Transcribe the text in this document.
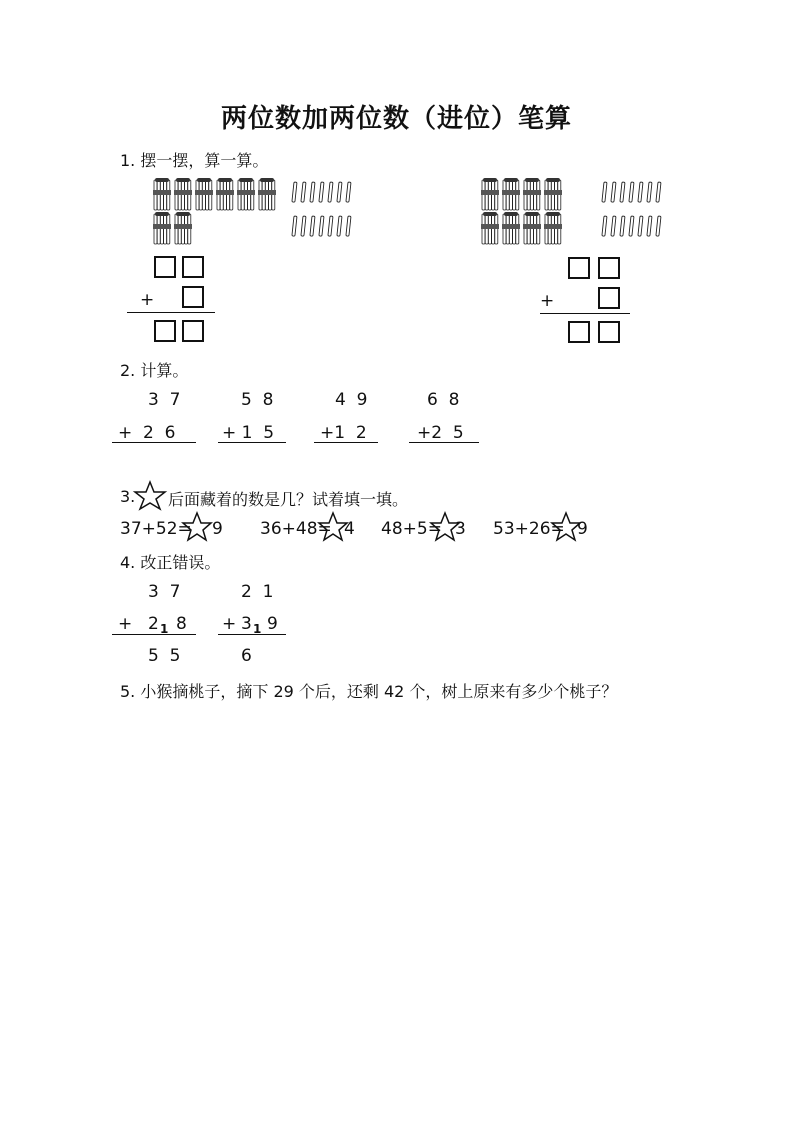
两位数加两位数（进位）笔算
1. 摆一摆，算一算。
+	+
2. 计算。
3  7
+  2  6
5  8
+ 1  5
4  9
+1  2
6  8
+2  5
3. 后面藏着的数是几？试着填一填。
37+52= 9 36+48= 4 48+5= 3 53+26= 9
4. 改正错误。
3  7
+ 2 1 8
5  5
2  1
+ 3 1 9
6
5. 小猴摘桃子，摘下 29 个后，还剩 42 个，树上原来有多少个桃子？
